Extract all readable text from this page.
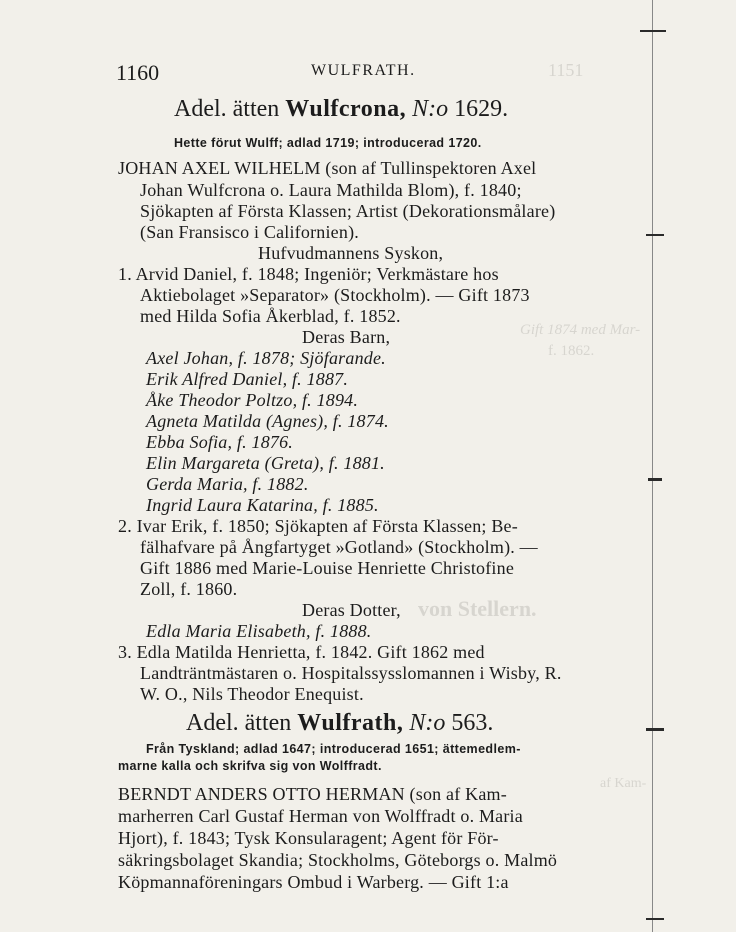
1151
Gift 1874 med Mar-
f. 1862.
von Stellern.
af Kam-
1160	WULFRATH.
Adel. ätten Wulfcrona, N:o 1629.
Hette förut Wulff; adlad 1719; introducerad 1720.
JOHAN AXEL WILHELM (son af Tullinspektoren Axel
Johan Wulfcrona o. Laura Mathilda Blom), f. 1840;
Sjökapten af Första Klassen; Artist (Dekorationsmålare)
(San Fransisco i Californien).
Hufvudmannens Syskon,
1. Arvid Daniel, f. 1848; Ingeniör; Verkmästare hos
Aktiebolaget »Separator» (Stockholm). — Gift 1873
med Hilda Sofia Åkerblad, f. 1852.
Deras Barn,
Axel Johan, f. 1878; Sjöfarande.
Erik Alfred Daniel, f. 1887.
Åke Theodor Poltzo, f. 1894.
Agneta Matilda (Agnes), f. 1874.
Ebba Sofia, f. 1876.
Elin Margareta (Greta), f. 1881.
Gerda Maria, f. 1882.
Ingrid Laura Katarina, f. 1885.
2. Ivar Erik, f. 1850; Sjökapten af Första Klassen; Be-
fälhafvare på Ångfartyget »Gotland» (Stockholm). —
Gift 1886 med Marie-Louise Henriette Christofine
Zoll, f. 1860.
Deras Dotter,
Edla Maria Elisabeth, f. 1888.
3. Edla Matilda Henrietta, f. 1842. Gift 1862 med
Landträntmästaren o. Hospitalssysslomannen i Wisby, R.
W. O., Nils Theodor Enequist.
Adel. ätten Wulfrath, N:o 563.
Från Tyskland; adlad 1647; introducerad 1651; ättemedlem-
marne kalla och skrifva sig von Wolffradt.
BERNDT ANDERS OTTO HERMAN (son af Kam-
marherren Carl Gustaf Herman von Wolffradt o. Maria
Hjort), f. 1843; Tysk Konsularagent; Agent för För-
säkringsbolaget Skandia; Stockholms, Göteborgs o. Malmö
Köpmannaföreningars Ombud i Warberg. — Gift 1:a
